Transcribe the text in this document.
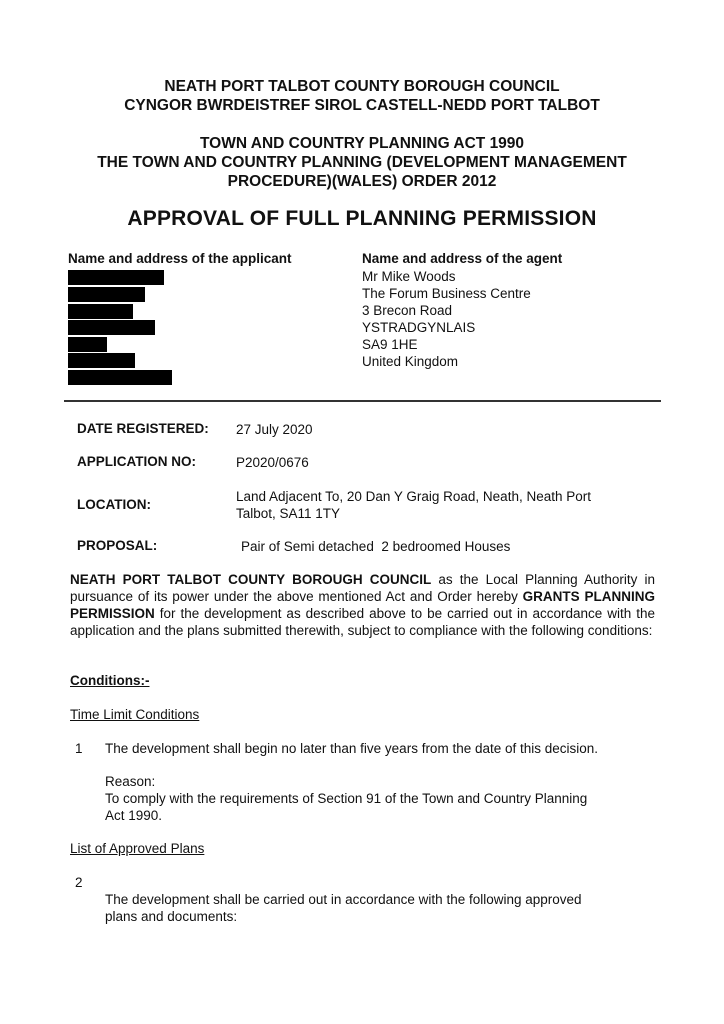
NEATH PORT TALBOT COUNTY BOROUGH COUNCIL
CYNGOR BWRDEISTREF SIROL CASTELL-NEDD PORT TALBOT
TOWN AND COUNTRY PLANNING ACT 1990
THE TOWN AND COUNTRY PLANNING (DEVELOPMENT MANAGEMENT
PROCEDURE)(WALES) ORDER 2012
APPROVAL OF FULL PLANNING PERMISSION
Name and address of the applicant	Name and address of the agent
Mr Mike Woods
The Forum Business Centre
3 Brecon Road
YSTRADGYNLAIS
SA9 1HE
United Kingdom
DATE REGISTERED: 27 July 2020
APPLICATION NO:	P2020/0676
LOCATION:
Land Adjacent To, 20 Dan Y Graig Road, Neath, Neath Port
Talbot, SA11 1TY
PROPOSAL:	Pair of Semi detached  2 bedroomed Houses
NEATH PORT TALBOT COUNTY BOROUGH COUNCIL as the Local Planning Authority in pursuance of its power under the above mentioned Act and Order hereby GRANTS PLANNING PERMISSION for the development as described above to be carried out in accordance with the application and the plans submitted therewith, subject to compliance with the following conditions:
Conditions:-
Time Limit Conditions
1 The development shall begin no later than five years from the date of this decision.
Reason:
To comply with the requirements of Section 91 of the Town and Country Planning
Act 1990.
List of Approved Plans
2
The development shall be carried out in accordance with the following approved
plans and documents:
